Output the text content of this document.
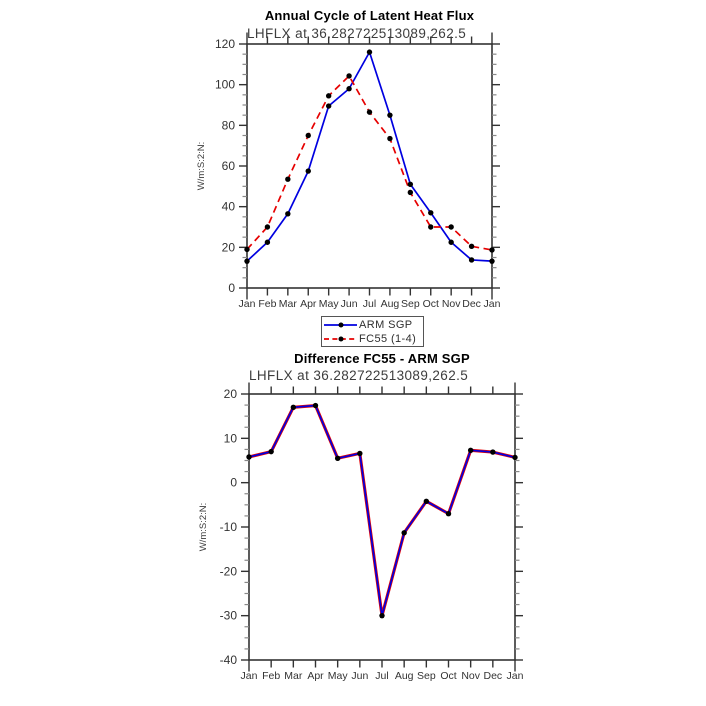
0
20
40
60
80
100
120
Jan Feb Mar Apr May Jun Jul Aug Sep Oct Nov Dec Jan
W/m:S:2:N:
-40
-30
-20
-10
0
10
20
Jan Feb Mar Apr May Jun Jul Aug Sep Oct Nov Dec Jan
W/m:S:2:N:
Annual Cycle of Latent Heat Flux
LHFLX at 36.282722513089,262.5
ARM SGP
FC55 (1-4)
Difference FC55 - ARM SGP
LHFLX at 36.282722513089,262.5
